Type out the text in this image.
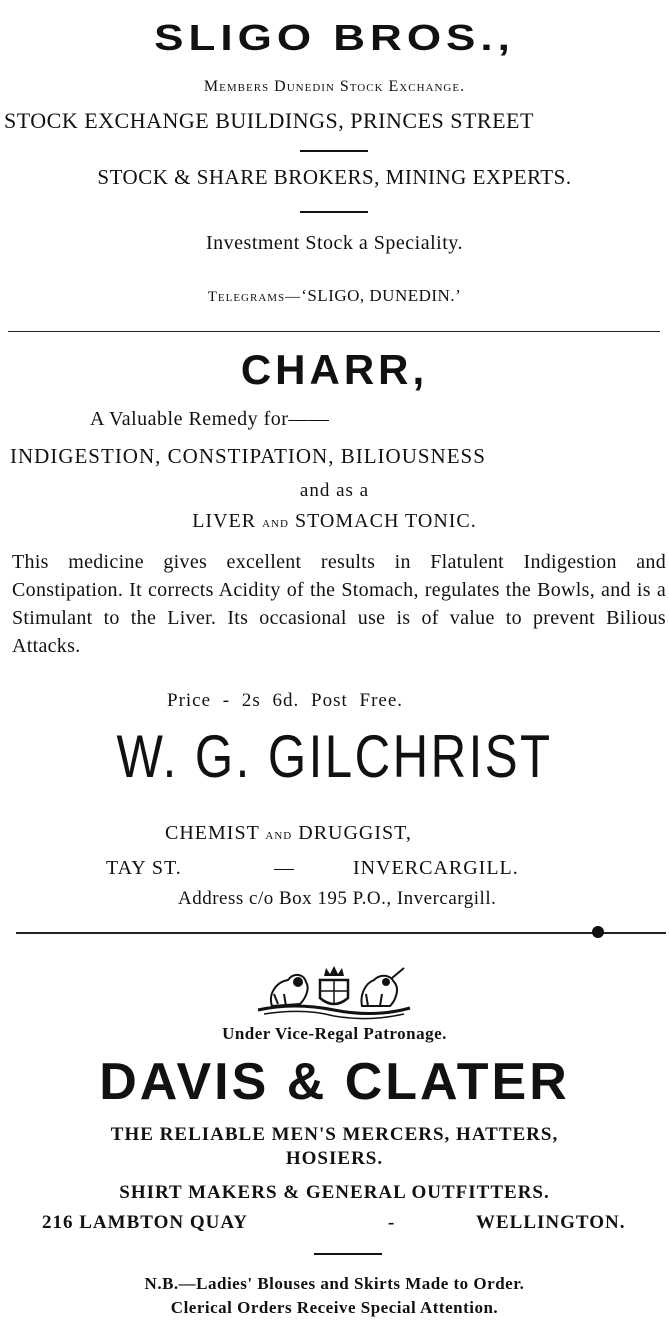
SLIGO BROS.,
Members Dunedin Stock Exchange.
STOCK EXCHANGE BUILDINGS, PRINCES STREET
STOCK & SHARE BROKERS, MINING EXPERTS.
Investment Stock a Speciality.
Telegrams—‘SLIGO, DUNEDIN.’
CHARR,
A Valuable Remedy for——
INDIGESTION, CONSTIPATION, BILIOUSNESS
and as a
LIVER and STOMACH TONIC.
This medicine gives excellent results in Flatulent Indigestion and Constipation. It corrects Acidity of the Stomach, regulates the Bowls, and is a Stimulant to the Liver. Its occasional use is of value to prevent Bilious Attacks.
Price - 2s 6d. Post Free.
W. G. GILCHRIST
CHEMIST and DRUGGIST,
TAY ST.	—	INVERCARGILL.
Address c/o Box 195 P.O., Invercargill.
Under Vice-Regal Patronage.
DAVIS & CLATER
THE RELIABLE MEN'S MERCERS, HATTERS,
HOSIERS.
SHIRT MAKERS & GENERAL OUTFITTERS.
216 LAMBTON QUAY	-	WELLINGTON.
N.B.—Ladies' Blouses and Skirts Made to Order.
Clerical Orders Receive Special Attention.
